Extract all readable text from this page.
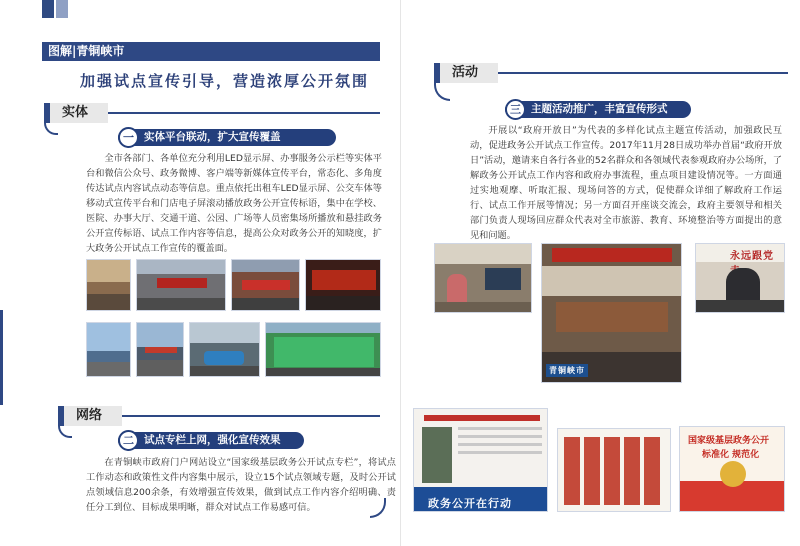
图解|青铜峡市
加强试点宣传引导，营造浓厚公开氛围
实体
一 实体平台联动，扩大宣传覆盖
全市各部门、各单位充分利用LED显示屏、办事服务公示栏等实体平台和微信公众号、政务微博、客户端等新媒体宣传平台，常态化、多角度传达试点内容试点动态等信息。重点依托出租车LED显示屏、公交车体等移动式宣传平台和门店电子屏滚动播放政务公开宣传标语，集中在学校、医院、办事大厅、交通干道、公园、广场等人员密集场所播放和悬挂政务公开宣传标语、试点工作内容等信息，提高公众对政务公开的知晓度，扩大政务公开试点工作宣传的覆盖面。
网络
二 试点专栏上网，强化宣传效果
在青铜峡市政府门户网站设立“国家级基层政务公开试点专栏”，将试点工作动态和政策性文件内容集中展示，设立15个试点领域专题，及时公开试点领域信息200余条，有效增强宣传效果，做到试点工作内容介绍明确、责任分工到位、目标成果明晰，群众对试点工作易感可信。
活动
三 主题活动推广，丰富宣传形式
开展以“政府开放日”为代表的多样化试点主题宣传活动，加强政民互动，促进政务公开试点工作宣传。2017年11月28日成功举办首届“政府开放日”活动，邀请来自各行各业的52名群众和各领域代表参观政府办公场所，了解政务公开试点工作内容和政府办事流程，重点项目建设情况等。一方面通过实地观摩、听取汇报、现场问答的方式，促使群众详细了解政府工作运行、试点工作开展等情况；另一方面召开座谈交流会，政府主要领导和相关部门负责人现场回应群众代表对全市旅游、教育、环境整治等方面提出的意见和问题。
青铜峡市
永远跟党
政务公开在行动
国家级基层政务公开
标准化 规范化
